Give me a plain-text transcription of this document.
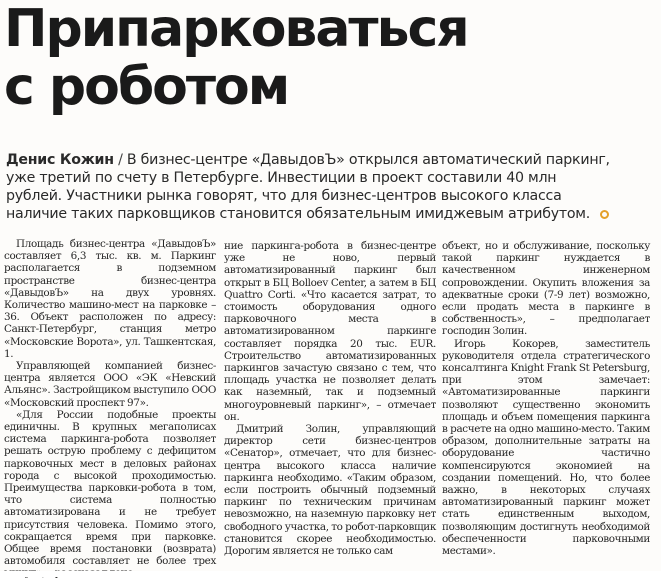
Припарковаться
с роботом

Денис Кожин / В бизнес-центре «ДавыдовЪ» открылся автоматический паркинг, уже третий по счету в Петербурге. Инвестиции в проект составили 40 млн рублей. Участники рынка говорят, что для бизнес-центров высокого класса наличие таких парковщиков становится обязательным имиджевым атрибутом.

Площадь бизнес-центра «ДавыдовЪ» составляет 6,3 тыс. кв. м. Паркинг располагается в подземном пространстве бизнес-центра «ДавыдовЪ» на двух уровнях. Количество машино-мест на парковке – 36. Объект расположен по адресу: Санкт-Петербург, станция метро «Московские Ворота», ул. Ташкентская, 1.

Управляющей компанией бизнес-центра является ООО «ЭК «Невский Альянс». Застройщиком выступило ООО «Московский проспект 97».

«Для России подобные проекты единичны. В крупных мегаполисах система паркинга-робота позволяет решать острую проблему с дефицитом парковочных мест в деловых районах города с высокой проходимостью. Преимущества парковки-робота в том, что система полностью автоматизирована и не требует присутствия человека. Помимо этого, сокращается время при парковке. Общее время постановки (возврата) автомобиля составляет не более трех

ние паркинга-робота в бизнес-центре уже не ново, первый автоматизированный паркинг был открыт в БЦ Bolloev Center, а затем в БЦ Quattro Corti. «Что касается затрат, то стоимость оборудования одного парковочного места в автоматизированном паркинге составляет порядка 20 тыс. EUR. Строительство автоматизированных паркингов зачастую связано с тем, что площадь участка не позволяет делать как наземный, так и подземный многоуровневый паркинг», – отмечает он.

Дмитрий Золин, управляющий директор сети бизнес-центров «Сенатор», отмечает, что для бизнес-центра высокого класса наличие паркинга необходимо. «Таким образом, если построить обычный подземный паркинг по техническим причинам невозможно, на наземную парковку нет свободного участка, то робот-парковщик становится скорее необходимостью. Дорогим является не только сам

объект, но и обслуживание, поскольку такой паркинг нуждается в качественном инженерном сопровождении. Окупить вложения за адекватные сроки (7-9 лет) возможно, если продать места в паркинге в собственность», – предполагает господин Золин.

Игорь Кокорев, заместитель руководителя отдела стратегического консалтинга Knight Frank St Petersburg, при этом замечает: «Автоматизированные паркинги позволяют существенно экономить площадь и объем помещения паркинга в расчете на одно машино-место. Таким образом, дополнительные затраты на оборудование частично компенсируются экономией на создании помещений. Но, что более важно, в некоторых случаях автоматизированный паркинг может стать единственным выходом, позволяющим достигнуть необходимой обеспеченности парковочными местами».
